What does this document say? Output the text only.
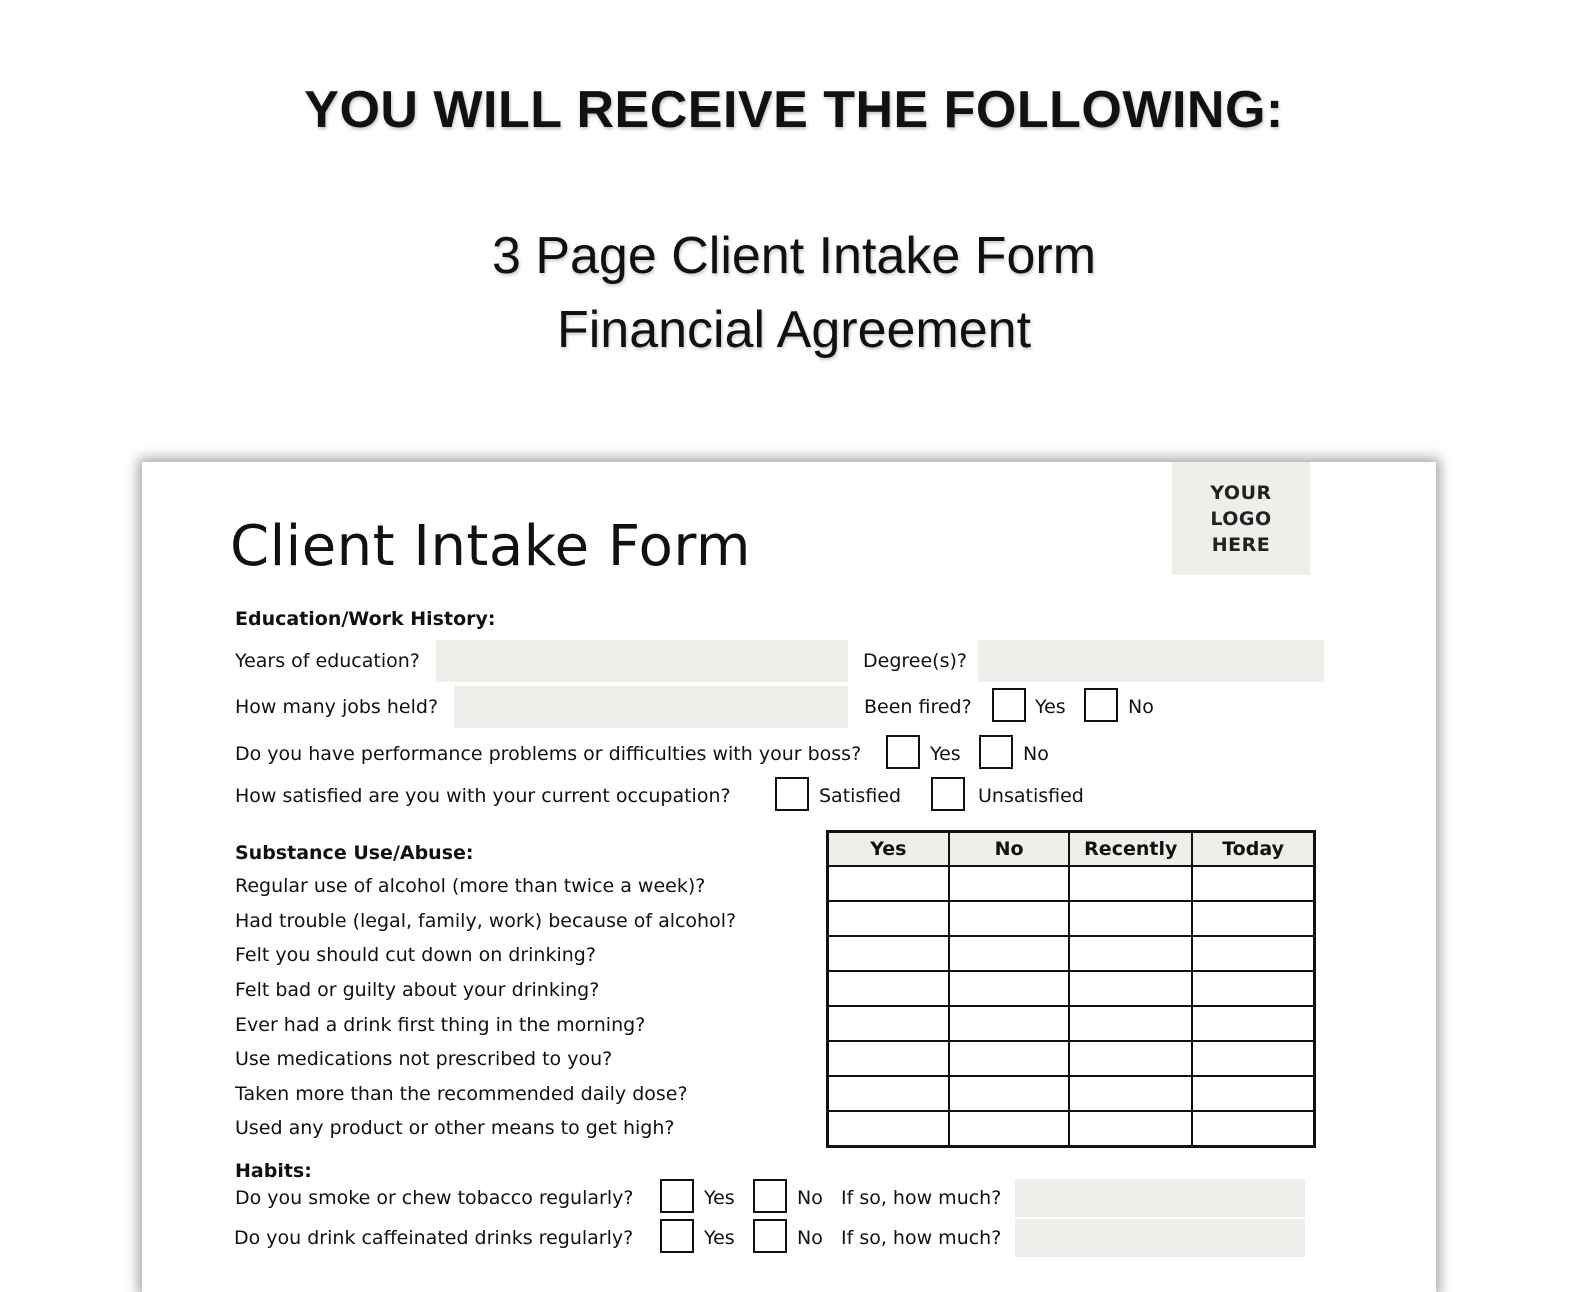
YOU WILL RECEIVE THE FOLLOWING:
3 Page Client Intake Form
Financial Agreement
YOUR
LOGO
HERE
Client Intake Form
Education/Work History:
Years of education?	Degree(s)?
How many jobs held?	Been fired?	Yes	No
Do you have performance problems or difficulties with your boss?	Yes	No
How satisfied are you with your current occupation?	Satisfied	Unsatisfied
Substance Use/Abuse:
Regular use of alcohol (more than twice a week)?
Had trouble (legal, family, work) because of alcohol?
Felt you should cut down on drinking?
Felt bad or guilty about your drinking?
Ever had a drink first thing in the morning?
Use medications not prescribed to you?
Taken more than the recommended daily dose?
Used any product or other means to get high?
Yes	No	Recently	Today

Habits:
Do you smoke or chew tobacco regularly?	Yes	No If so, how much?
Do you drink caffeinated drinks regularly?	Yes	No If so, how much?
